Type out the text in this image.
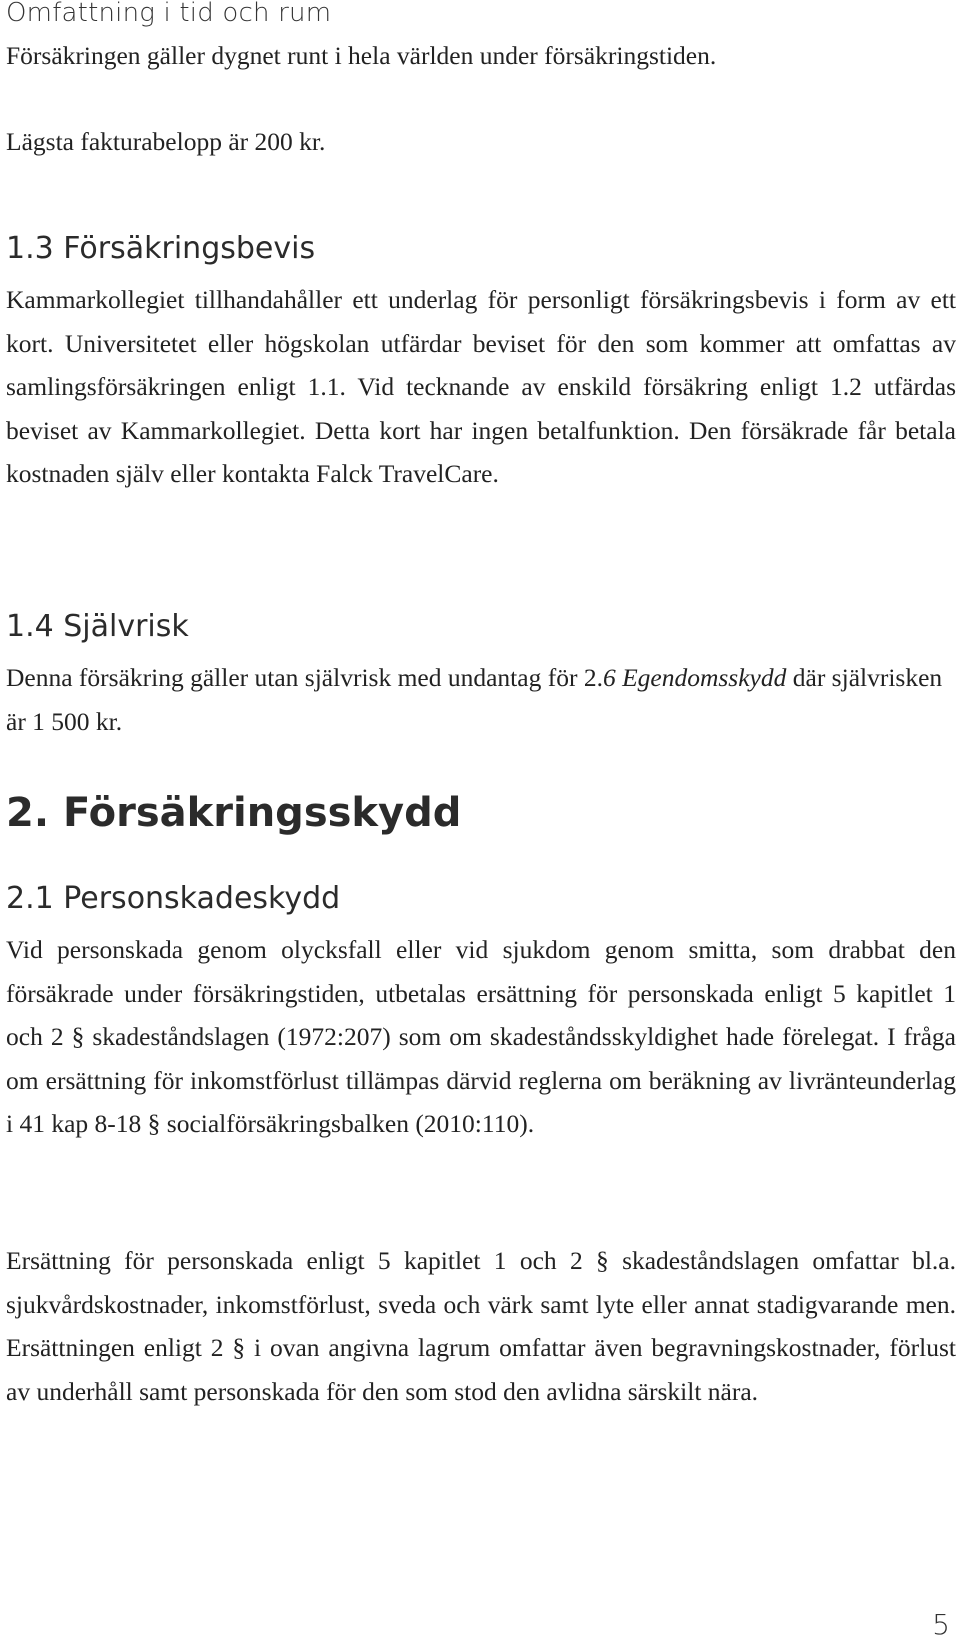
Omfattning i tid och rum

Försäkringen gäller dygnet runt i hela världen under försäkringstiden.

Lägsta fakturabelopp är 200 kr.

1.3 Försäkringsbevis

Kammarkollegiet tillhandahåller ett underlag för personligt försäkringsbevis i form av ett kort. Universitetet eller högskolan utfärdar beviset för den som kommer att omfattas av samlingsförsäkringen enligt 1.1. Vid tecknande av enskild försäkring enligt 1.2 utfärdas beviset av Kammarkollegiet. Detta kort har ingen betalfunktion. Den försäkrade får betala kostnaden själv eller kontakta Falck TravelCare.

1.4 Självrisk

Denna försäkring gäller utan självrisk med undantag för 2.6 Egendomsskydd där självrisken är 1 500 kr.

2. Försäkringsskydd
2.1 Personskadeskydd

Vid personskada genom olycksfall eller vid sjukdom genom smitta, som drabbat den försäkrade under försäkringstiden, utbetalas ersättning för personskada enligt 5 kapitlet 1 och 2 § skadeståndslagen (1972:207) som om skadeståndsskyldighet hade förelegat. I fråga om ersättning för inkomstförlust tillämpas därvid reglerna om beräkning av livränteunderlag i 41 kap 8-18 § socialförsäkringsbalken (2010:110).

Ersättning för personskada enligt 5 kapitlet 1 och 2 § skadeståndslagen omfattar bl.a. sjukvårdskostnader, inkomstförlust, sveda och värk samt lyte eller annat stadigvarande men. Ersättningen enligt 2 § i ovan angivna lagrum omfattar även begravningskostnader, förlust av underhåll samt personskada för den som stod den avlidna särskilt nära.

5
